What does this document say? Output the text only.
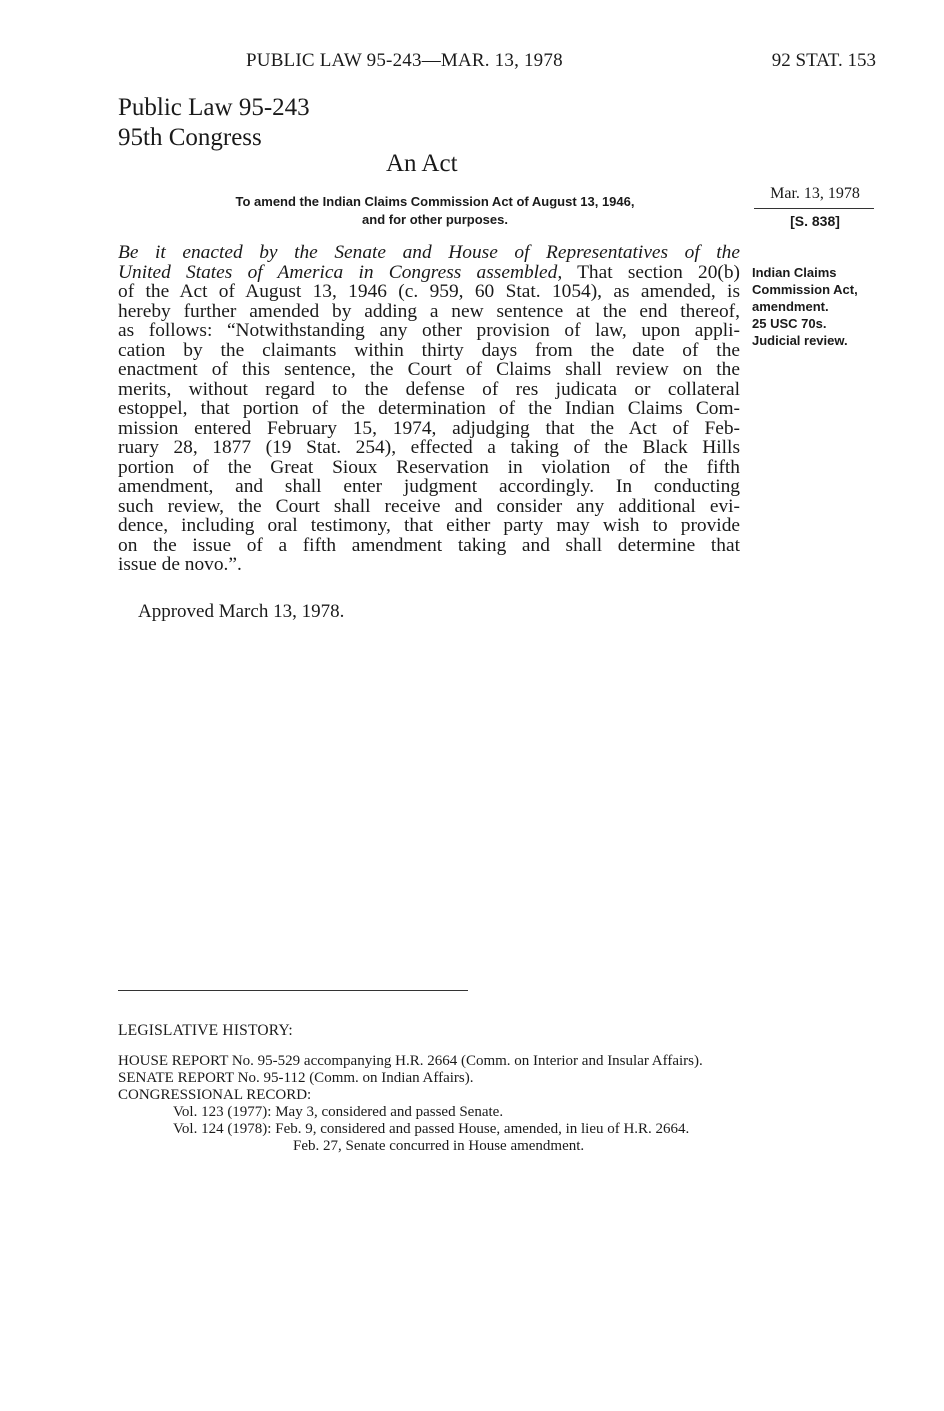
PUBLIC LAW 95-243—MAR. 13, 1978	92 STAT. 153
Public Law 95-243
95th Congress
An Act
To amend the Indian Claims Commission Act of August 13, 1946,
and for other purposes.
Mar. 13, 1978
[S. 838]
Be it enacted by the Senate and House of Representatives of the
United States of America in Congress assembled, That section 20(b)
of the Act of August 13, 1946 (c. 959, 60 Stat. 1054), as amended, is
hereby further amended by adding a new sentence at the end thereof,
as follows: “Notwithstanding any other provision of law, upon appli-
cation by the claimants within thirty days from the date of the
enactment of this sentence, the Court of Claims shall review on the
merits, without regard to the defense of res judicata or collateral
estoppel, that portion of the determination of the Indian Claims Com-
mission entered February 15, 1974, adjudging that the Act of Feb-
ruary 28, 1877 (19 Stat. 254), effected a taking of the Black Hills
portion of the Great Sioux Reservation in violation of the fifth
amendment, and shall enter judgment accordingly. In conducting
such review, the Court shall receive and consider any additional evi-
dence, including oral testimony, that either party may wish to provide
on the issue of a fifth amendment taking and shall determine that
issue de novo.”.
Indian Claims
Commission Act,
amendment.
25 USC 70s.
Judicial review.
Approved March 13, 1978.
LEGISLATIVE HISTORY:
HOUSE REPORT No. 95-529 accompanying H.R. 2664 (Comm. on Interior and Insular Affairs).
SENATE REPORT No. 95-112 (Comm. on Indian Affairs).
CONGRESSIONAL RECORD:
Vol. 123 (1977): May 3, considered and passed Senate.
Vol. 124 (1978): Feb. 9, considered and passed House, amended, in lieu of H.R. 2664.
Feb. 27, Senate concurred in House amendment.
